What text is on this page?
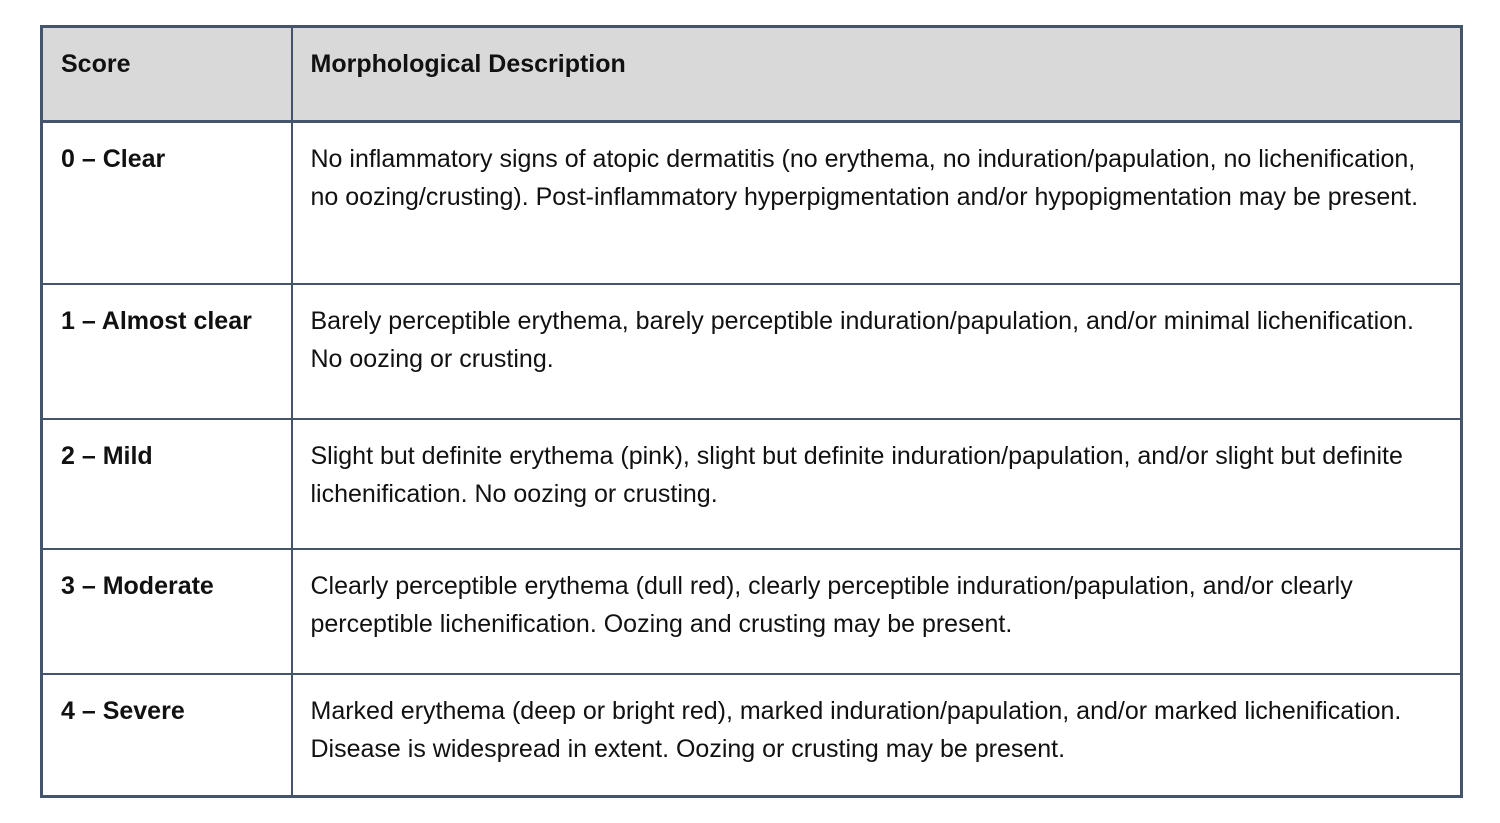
Score	Morphological Description
0 – Clear	No inflammatory signs of atopic dermatitis (no erythema, no induration/papulation, no lichenification, no oozing/crusting). Post-inflammatory hyperpigmentation and/or hypopigmentation may be present.
1 – Almost clear	Barely perceptible erythema, barely perceptible induration/papulation, and/or minimal lichenification. No oozing or crusting.
2 – Mild	Slight but definite erythema (pink), slight but definite induration/papulation, and/or slight but definite lichenification. No oozing or crusting.
3 – Moderate	Clearly perceptible erythema (dull red), clearly perceptible induration/papulation, and/or clearly perceptible lichenification. Oozing and crusting may be present.
4 – Severe	Marked erythema (deep or bright red), marked induration/papulation, and/or marked lichenification. Disease is widespread in extent. Oozing or crusting may be present.
